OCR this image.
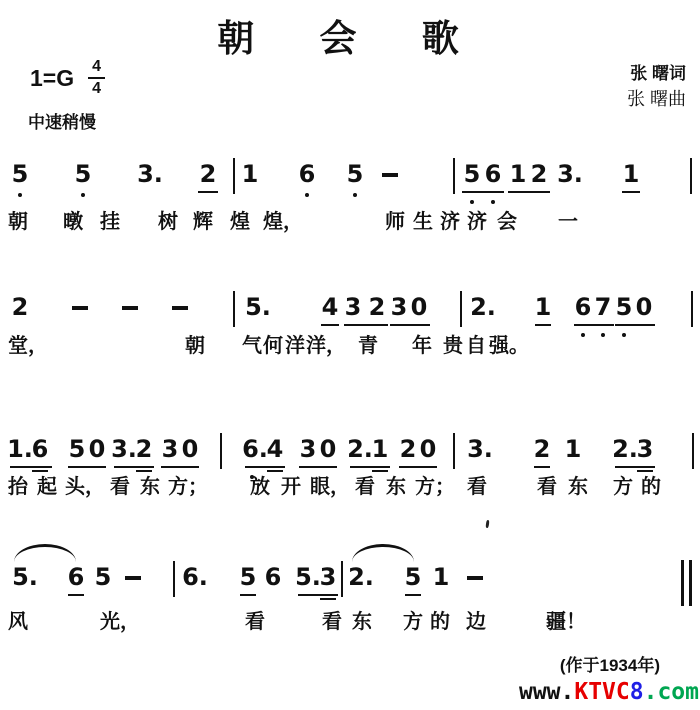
朝 会 歌
$1=G \frac{4}{4}$	张 曙词
张 曙曲
中速稍慢
5 5 3. 2 1 6 5	5 6 1 2 3. 1
朝 暾 挂 树 辉 煌 煌，	师 生 济 济 会 一
2	5. 4 3 2 3 0 2. 1 6 7 5 0
堂，	朝 气 何 洋 洋， 青 年 贵 自 强。
1.
6 5 0 3.
2 3 0 6.
4 3 0 2.
1 2 0 3. 2 1 2.
3
抬 起 头， 看 东 方； 放 开 眼， 看 东 方； 看	看 东 方 的
5. 6 5	6. 5 6 5.
3 2. 5 1
风	光，	看	看 东 方 的 边	疆！
(作于1934年)
www.KTVC8.com
